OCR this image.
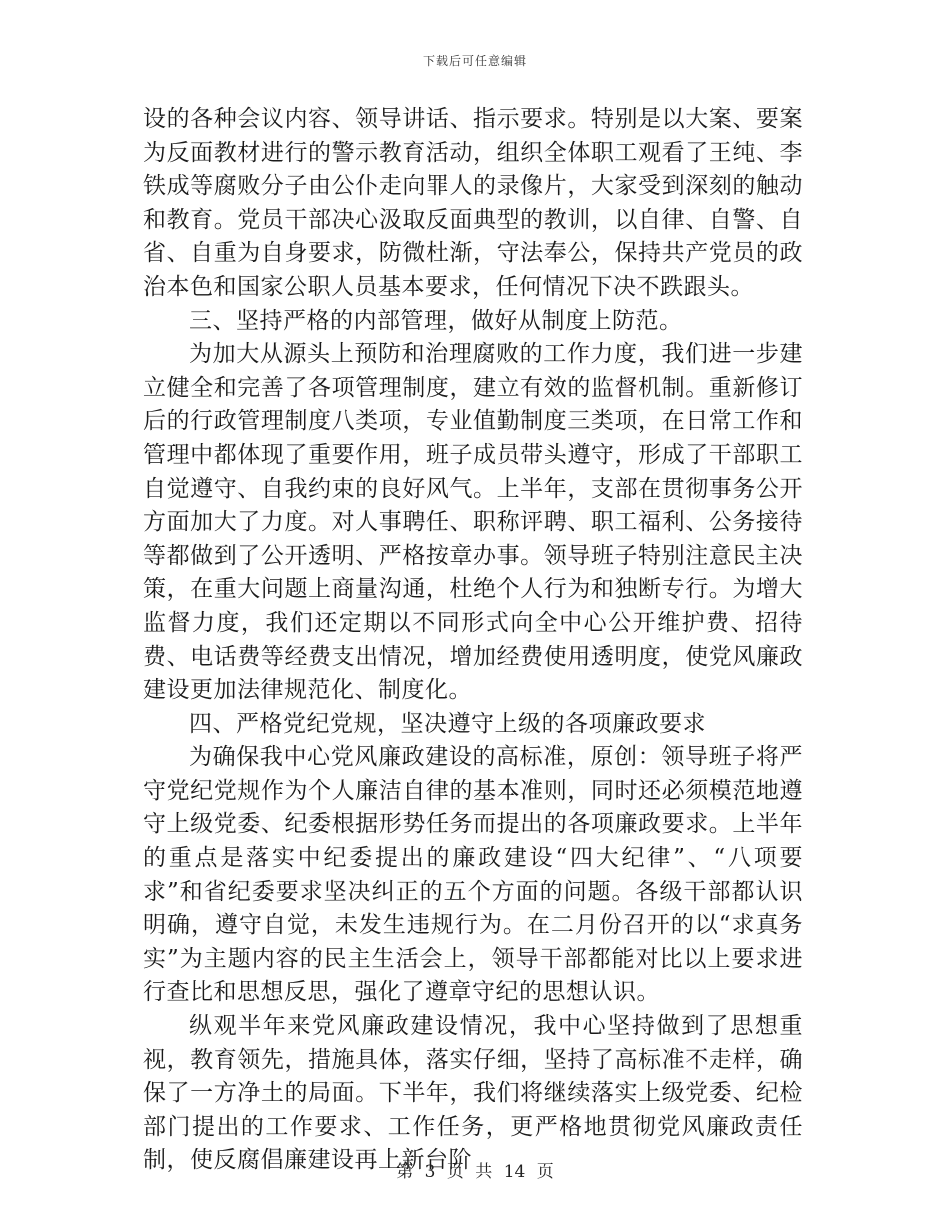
下载后可任意编辑

设的各种会议内容、领导讲话、指示要求。特别是以大案、要案为反面教材进行的警示教育活动，组织全体职工观看了王纯、李铁成等腐败分子由公仆走向罪人的录像片，大家受到深刻的触动和教育。党员干部决心汲取反面典型的教训，以自律、自警、自省、自重为自身要求，防微杜渐，守法奉公，保持共产党员的政治本色和国家公职人员基本要求，任何情况下决不跌跟头。

三、坚持严格的内部管理，做好从制度上防范。

为加大从源头上预防和治理腐败的工作力度，我们进一步建立健全和完善了各项管理制度，建立有效的监督机制。重新修订后的行政管理制度八类项，专业值勤制度三类项，在日常工作和管理中都体现了重要作用，班子成员带头遵守，形成了干部职工自觉遵守、自我约束的良好风气。上半年，支部在贯彻事务公开方面加大了力度。对人事聘任、职称评聘、职工福利、公务接待等都做到了公开透明、严格按章办事。领导班子特别注意民主决策，在重大问题上商量沟通，杜绝个人行为和独断专行。为增大监督力度，我们还定期以不同形式向全中心公开维护费、招待费、电话费等经费支出情况，增加经费使用透明度，使党风廉政建设更加法律规范化、制度化。

四、严格党纪党规，坚决遵守上级的各项廉政要求

为确保我中心党风廉政建设的高标准，原创：领导班子将严守党纪党规作为个人廉洁自律的基本准则，同时还必须模范地遵守上级党委、纪委根据形势任务而提出的各项廉政要求。上半年的重点是落实中纪委提出的廉政建设“四大纪律”、“八项要求”和省纪委要求坚决纠正的五个方面的问题。各级干部都认识明确，遵守自觉，未发生违规行为。在二月份召开的以“求真务实”为主题内容的民主生活会上，领导干部都能对比以上要求进行查比和思想反思，强化了遵章守纪的思想认识。

纵观半年来党风廉政建设情况，我中心坚持做到了思想重视，教育领先，措施具体，落实仔细，坚持了高标准不走样，确保了一方净土的局面。下半年，我们将继续落实上级党委、纪检部门提出的工作要求、工作任务，更严格地贯彻党风廉政责任制，使反腐倡廉建设再上新台阶

第 3 页 共 14 页
